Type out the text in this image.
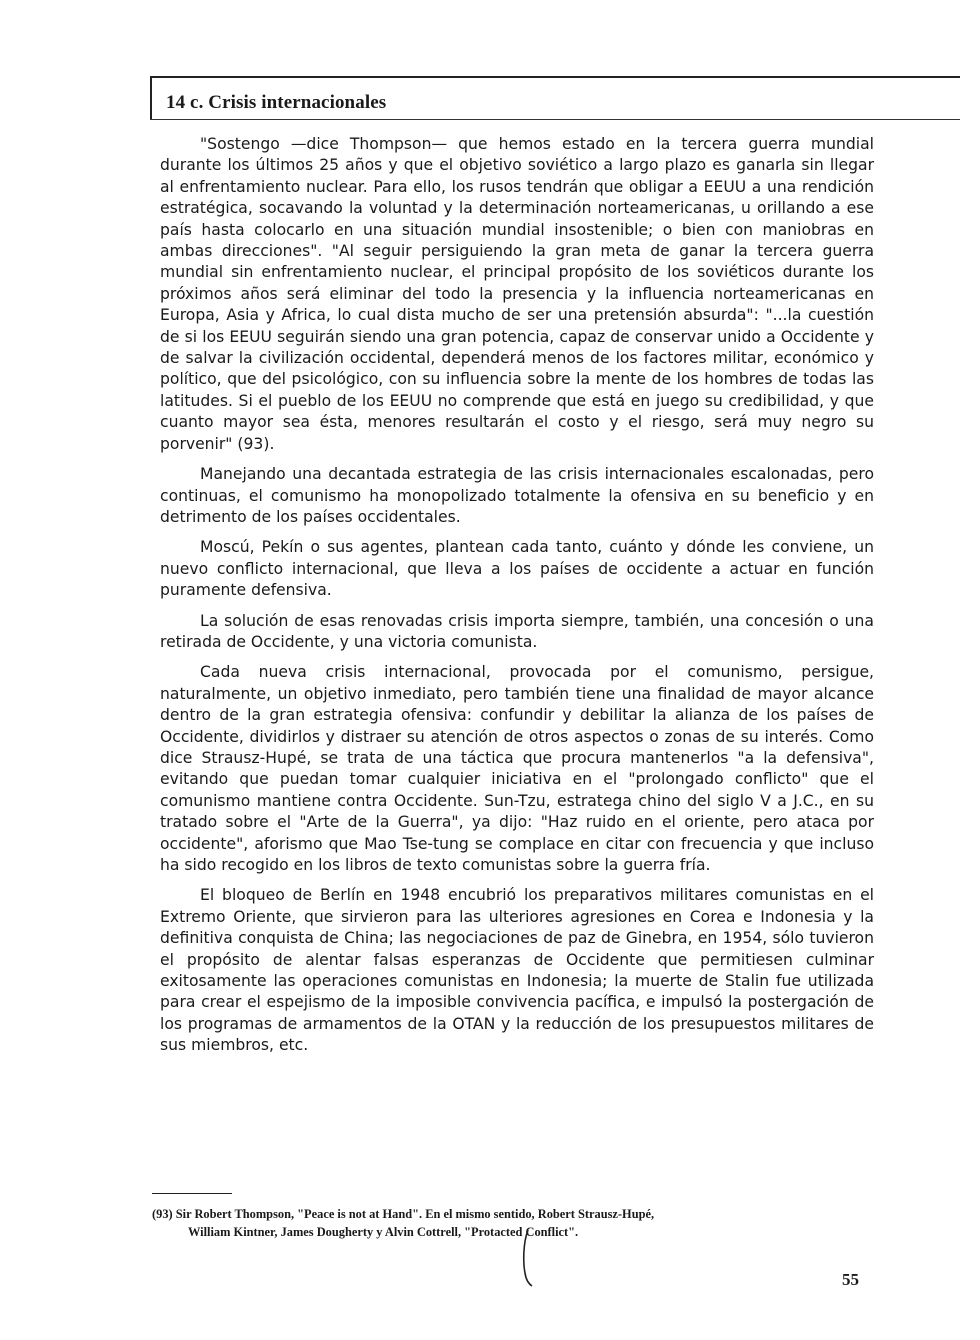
14 c. Crisis internacionales

"Sostengo —dice Thompson— que hemos estado en la tercera guerra mundial durante los últimos 25 años y que el objetivo soviético a largo plazo es ganarla sin llegar al enfrentamiento nuclear. Para ello, los rusos tendrán que obligar a EEUU a una rendición estratégica, socavando la voluntad y la determinación norteamericanas, u orillando a ese país hasta colocarlo en una situación mundial insostenible; o bien con maniobras en ambas direcciones". "Al seguir persiguiendo la gran meta de ganar la tercera guerra mundial sin enfrentamiento nuclear, el principal propósito de los soviéticos durante los próximos años será eliminar del todo la presencia y la influencia norteamericanas en Europa, Asia y Africa, lo cual dista mucho de ser una pretensión absurda": "...la cuestión de si los EEUU seguirán siendo una gran potencia, capaz de conservar unido a Occidente y de salvar la civilización occidental, dependerá menos de los factores militar, económico y político, que del psicológico, con su influencia sobre la mente de los hombres de todas las latitudes. Si el pueblo de los EEUU no comprende que está en juego su credibilidad, y que cuanto mayor sea ésta, menores resultarán el costo y el riesgo, será muy negro su porvenir" (93).

Manejando una decantada estrategia de las crisis internacionales escalonadas, pero continuas, el comunismo ha monopolizado totalmente la ofensiva en su beneficio y en detrimento de los países occidentales.

Moscú, Pekín o sus agentes, plantean cada tanto, cuánto y dónde les conviene, un nuevo conflicto internacional, que lleva a los países de occidente a actuar en función puramente defensiva.

La solución de esas renovadas crisis importa siempre, también, una concesión o una retirada de Occidente, y una victoria comunista.

Cada nueva crisis internacional, provocada por el comunismo, persigue, naturalmente, un objetivo inmediato, pero también tiene una finalidad de mayor alcance dentro de la gran estrategia ofensiva: confundir y debilitar la alianza de los países de Occidente, dividirlos y distraer su atención de otros aspectos o zonas de su interés. Como dice Strausz-Hupé, se trata de una táctica que procura mantenerlos "a la defensiva", evitando que puedan tomar cualquier iniciativa en el "prolongado conflicto" que el comunismo mantiene contra Occidente. Sun-Tzu, estratega chino del siglo V a J.C., en su tratado sobre el "Arte de la Guerra", ya dijo: "Haz ruido en el oriente, pero ataca por occidente", aforismo que Mao Tse-tung se complace en citar con frecuencia y que incluso ha sido recogido en los libros de texto comunistas sobre la guerra fría.

El bloqueo de Berlín en 1948 encubrió los preparativos militares comunistas en el Extremo Oriente, que sirvieron para las ulteriores agresiones en Corea e Indonesia y la definitiva conquista de China; las negociaciones de paz de Ginebra, en 1954, sólo tuvieron el propósito de alentar falsas esperanzas de Occidente que permitiesen culminar exitosamente las operaciones comunistas en Indonesia; la muerte de Stalin fue utilizada para crear el espejismo de la imposible convivencia pacífica, e impulsó la postergación de los programas de armamentos de la OTAN y la reducción de los presupuestos militares de sus miembros, etc.

(93) Sir Robert Thompson, "Peace is not at Hand". En el mismo sentido, Robert Strausz-Hupé,
William Kintner, James Dougherty y Alvin Cottrell, "Protacted Conflict".
55
